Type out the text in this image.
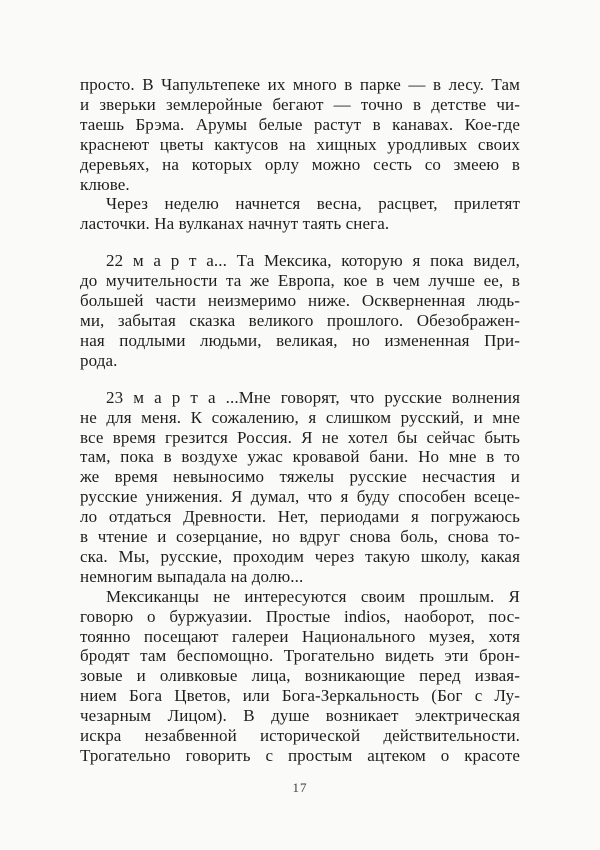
просто. В Чапультепеке их много в парке — в лесу. Там
и зверьки землеройные бегают — точно в детстве чи-
таешь Брэма. Арумы белые растут в канавах. Кое-где
краснеют цветы кактусов на хищных уродливых своих
деревьях, на которых орлу можно сесть со змеею в
клюве.
Через неделю начнется весна, расцвет, прилетят
ласточки. На вулканах начнут таять снега.
22 м а р т а... Та Мексика, которую я пока видел,
до мучительности та же Европа, кое в чем лучше ее, в
большей части неизмеримо ниже. Оскверненная людь-
ми, забытая сказка великого прошлого. Обезображен-
ная подлыми людьми, великая, но измененная При-
рода.
23 м а р т а ...Мне говорят, что русские волнения
не для меня. К сожалению, я слишком русский, и мне
все время грезится Россия. Я не хотел бы сейчас быть
там, пока в воздухе ужас кровавой бани. Но мне в то
же время невыносимо тяжелы русские несчастия и
русские унижения. Я думал, что я буду способен всеце-
ло отдаться Древности. Нет, периодами я погружаюсь
в чтение и созерцание, но вдруг снова боль, снова то-
ска. Мы, русские, проходим через такую школу, какая
немногим выпадала на долю...
Мексиканцы не интересуются своим прошлым. Я
говорю о буржуазии. Простые indios, наоборот, пос-
тоянно посещают галереи Национального музея, хотя
бродят там беспомощно. Трогательно видеть эти брон-
зовые и оливковые лица, возникающие перед извая-
нием Бога Цветов, или Бога-Зеркальность (Бог с Лу-
чезарным Лицом). В душе возникает электрическая
искра незабвенной исторической действительности.
Трогательно говорить с простым ацтеком о красоте
17
